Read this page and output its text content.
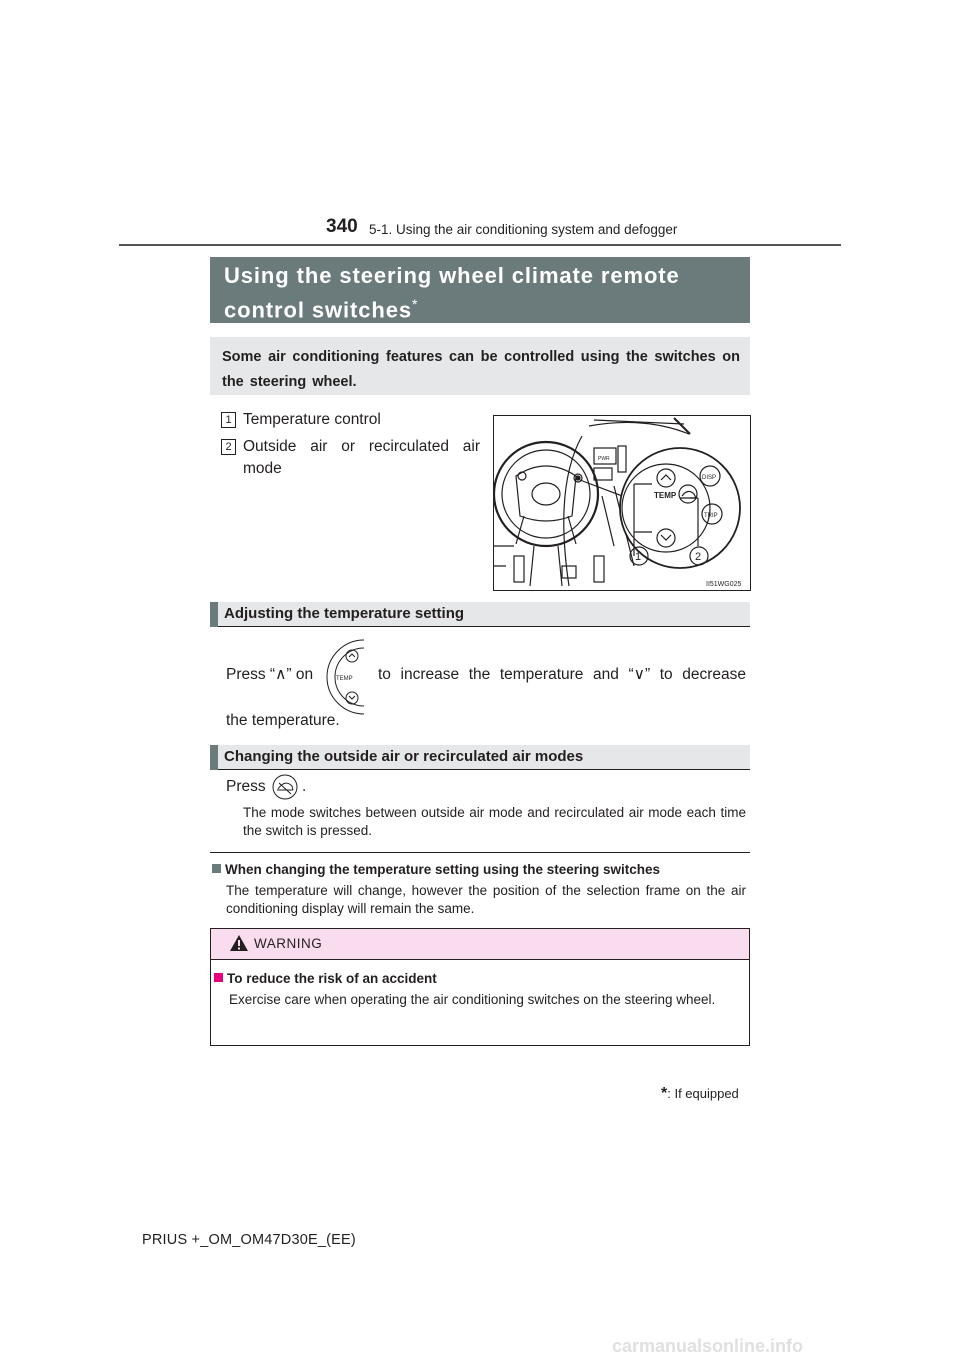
340 5-1. Using the air conditioning system and defogger
Using the steering wheel climate remote
control switches*
Some air conditioning features can be controlled using the switches on the steering wheel.
1 Temperature control
2 Outside air or recirculated air
mode
TEMP
DISP
TRIP
PWR
1	2
II51WG025
Adjusting the temperature setting
Press “∧” on	TEMP to increase the temperature and “∨” to decrease
the temperature.
Changing the outside air or recirculated air modes
Press .
The mode switches between outside air mode and recirculated air mode each time the switch is pressed.
When changing the temperature setting using the steering switches
The temperature will change, however the position of the selection frame on the air conditioning display will remain the same.
WARNING
To reduce the risk of an accident
Exercise care when operating the air conditioning switches on the steering wheel.
*: If equipped
PRIUS +_OM_OM47D30E_(EE)
carmanualsonline.info
